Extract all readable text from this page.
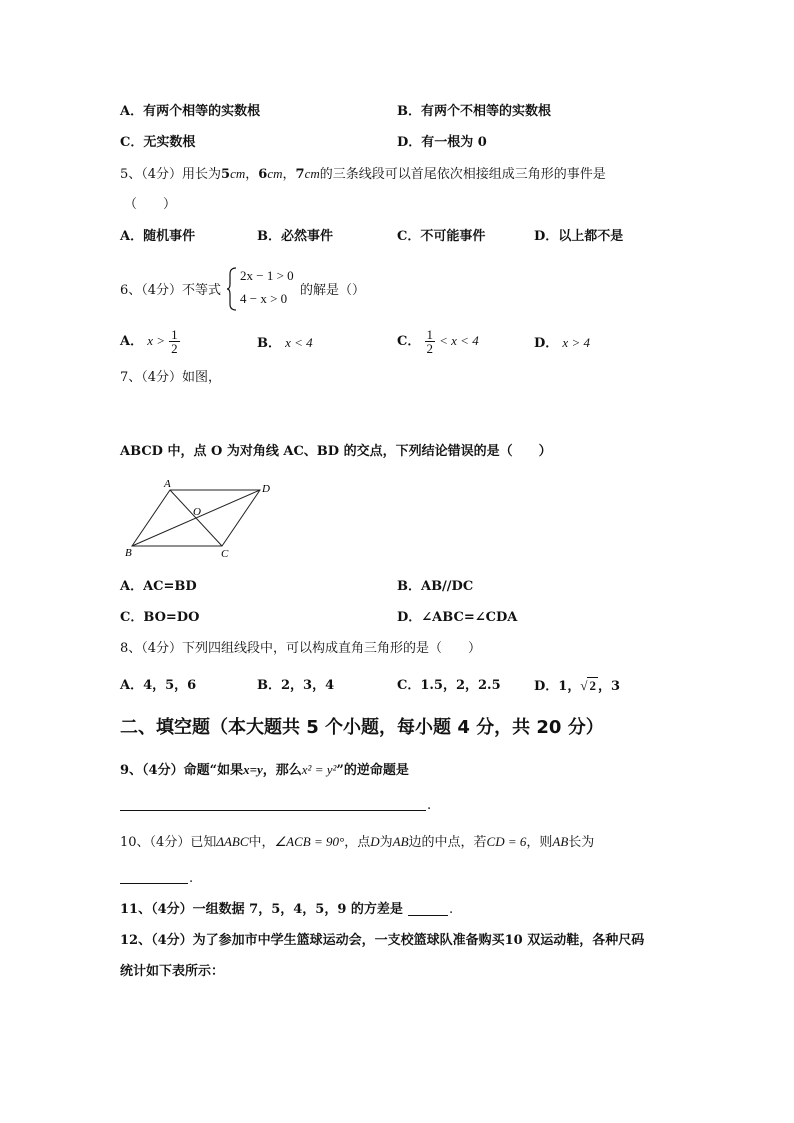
A．有两个相等的实数根	B．有两个不相等的实数根
C．无实数根	D．有一根为 0
5、（4分）用长为5cm，6cm，7cm的三条线段可以首尾依次相接组成三角形的事件是
（　　）
A．随机事件	B．必然事件	C．不可能事件	D．以上都不是
6、（4分）不等式
2x − 1 > 0
4 − x > 0
的解是（）
A． $x > \frac{1}{2}$	B． x < 4	C． $\frac{1}{2} < x < 4$	D． x > 4
7、（4分）如图，
ABCD 中，点 O 为对角线 AC、BD 的交点，下列结论错误的是（　　）
A	D
B	C
O
A．AC=BD	B．AB//DC
C．BO=DO	D．∠ABC=∠CDA
8、（4分）下列四组线段中，可以构成直角三角形的是（　　）
A．4，5，6	B．2，3，4	C．1.5，2，2.5	D．1，√ 2 ，3
二、填空题（本大题共 5 个小题，每小题 4 分，共 20 分）
9、（4分）命题“如果x=y，那么x² = y²”的逆命题是
.
10、（4分）已知ΔABC中，∠ACB = 90°，点D为AB边的中点，若CD = 6，则AB长为
.
11、（4分）一组数据 7，5，4，5，9 的方差是	.
12、（4分）为了参加市中学生篮球运动会，一支校篮球队准备购买10 双运动鞋，各种尺码
统计如下表所示：
